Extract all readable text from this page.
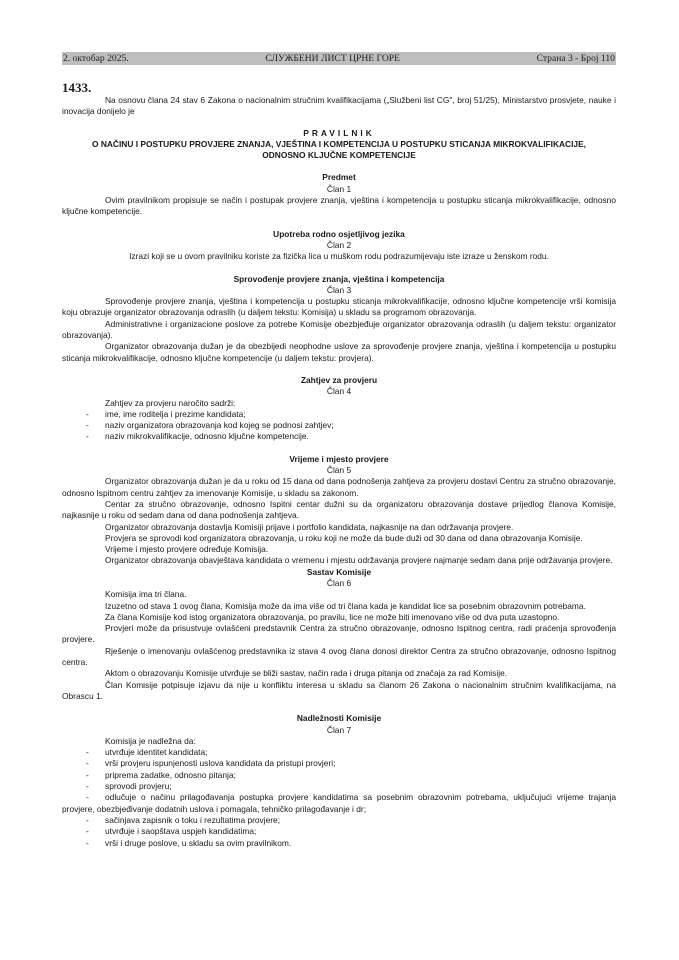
2. октобар 2025.	СЛУЖБЕНИ ЛИСТ ЦРНЕ ГОРЕ	Страна 3 - Број 110
1433.

Na osnovu člana 24 stav 6 Zakona o nacionalnim stručnim kvalifikacijama („Službeni list CG", broj 51/25), Ministarstvo prosvjete, nauke i inovacija donijelo je

PRAVILNIK
O NAČINU I POSTUPKU PROVJERE ZNANJA, VJEŠTINA I KOMPETENCIJA U POSTUPKU STICANJA MIKROKVALIFIKACIJE,
ODNOSNO KLJUČNE KOMPETENCIJE
Predmet
Član 1

Ovim pravilnikom propisuje se način i postupak provjere znanja, vještina i kompetencija u postupku sticanja mikrokvalifikacije, odnosno ključne kompetencije.

Upotreba rodno osjetljivog jezika
Član 2

Izrazi koji se u ovom pravilniku koriste za fizička lica u muškom rodu podrazumijevaju iste izraze u ženskom rodu.

Sprovođenje provjere znanja, vještina i kompetencija
Član 3

Sprovođenje provjere znanja, vještina i kompetencija u postupku sticanja mikrokvalifikacije, odnosno ključne kompetencije vrši komisija koju obrazuje organizator obrazovanja odraslih (u daljem tekstu: Komisija) u skladu sa programom obrazovanja.

Administrativne i organizacione poslove za potrebe Komisije obezbjeđuje organizator obrazovanja odraslih (u daljem tekstu: organizator obrazovanja).

Organizator obrazovanja dužan je da obezbijedi neophodne uslove za sprovođenje provjere znanja, vještina i kompetencija u postupku sticanja mikrokvalifikacije, odnosno ključne kompetencije (u daljem tekstu: provjera).

Zahtjev za provjeru
Član 4

Zahtjev za provjeru naročito sadrži:

- ime, ime roditelja i prezime kandidata;
- naziv organizatora obrazovanja kod kojeg se podnosi zahtjev;
- naziv mikrokvalifikacije, odnosno ključne kompetencije.
Vrijeme i mjesto provjere
Član 5

Organizator obrazovanja dužan je da u roku od 15 dana od dana podnošenja zahtjeva za provjeru dostavi Centru za stručno obrazovanje, odnosno Ispitnom centru zahtjev za imenovanje Komisije, u skladu sa zakonom.

Centar za stručno obrazovanje, odnosno Ispitni centar dužni su da organizatoru obrazovanja dostave prijedlog članova Komisije, najkasnije u roku od sedam dana od dana podnošenja zahtjeva.

Organizator obrazovanja dostavlja Komisiji prijave i portfolio kandidata, najkasnije na dan održavanja provjere.

Provjera se sprovodi kod organizatora obrazovanja, u roku koji ne može da bude duži od 30 dana od dana obrazovanja Komisije.

Vrijeme i mjesto provjere određuje Komisija.

Organizator obrazovanja obavještava kandidata o vremenu i mjestu održavanja provjere najmanje sedam dana prije održavanja provjere.

Sastav Komisije
Član 6

Komisija ima tri člana.

Izuzetno od stava 1 ovog člana, Komisija može da ima više od tri člana kada je kandidat lice sa posebnim obrazovnim potrebama.

Za člana Komisije kod istog organizatora obrazovanja, po pravilu, lice ne može biti imenovano više od dva puta uzastopno.

Provjeri može da prisustvuje ovlašćeni predstavnik Centra za stručno obrazovanje, odnosno Ispitnog centra, radi praćenja sprovođenja provjere.

Rješenje o imenovanju ovlašćenog predstavnika iz stava 4 ovog člana donosi direktor Centra za stručno obrazovanje, odnosno Ispitnog centra.

Aktom o obrazovanju Komisije utvrđuje se bliži sastav, način rada i druga pitanja od značaja za rad Komisije.

Član Komisije potpisuje izjavu da nije u konfliktu interesa u skladu sa članom 26 Zakona o nacionalnim stručnim kvalifikacijama, na Obrascu 1.

Nadležnosti Komisije
Član 7

Komisija je nadležna da:

- utvrđuje identitet kandidata;
- vrši provjeru ispunjenosti uslova kandidata da pristupi provjeri;
- priprema zadatke, odnosno pitanja;
- sprovodi provjeru;
- odlučuje o načinu prilagođavanja postupka provjere kandidatima sa posebnim obrazovnim potrebama, uključujući vrijeme trajanja provjere, obezbjeđivanje dodatnih uslova i pomagala, tehničko prilagođavanje i dr;
- sačinjava zapisnik o toku i rezultatima provjere;
- utvrđuje i saopštava uspjeh kandidatima;
- vrši i druge poslove, u skladu sa ovim pravilnikom.
